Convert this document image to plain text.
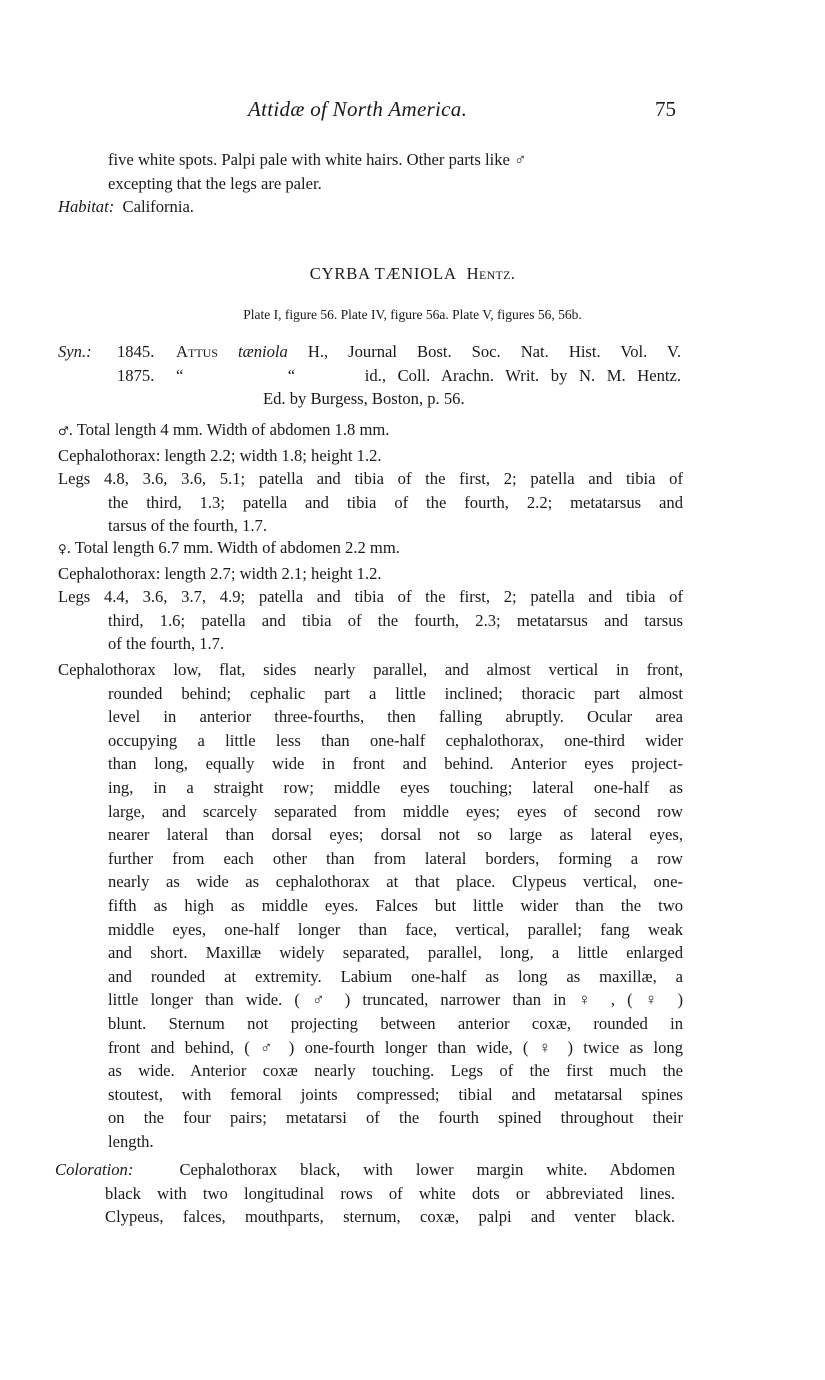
Attidæ of North America.	75
five white spots. Palpi pale with white hairs. Other parts like ♂
excepting that the legs are paler.
Habitat: California.
CYRBA TÆNIOLA Hentz.
Plate I, figure 56. Plate IV, figure 56a. Plate V, figures 56, 56b.
Syn.: 1845. Attus tæniola H., Journal Bost. Soc. Nat. Hist. Vol. V.
1875. “	“	id., Coll. Arachn. Writ. by N. M. Hentz.
Ed. by Burgess, Boston, p. 56.
♂. Total length 4 mm. Width of abdomen 1.8 mm.
Cephalothorax: length 2.2; width 1.8; height 1.2.
Legs 4.8, 3.6, 3.6, 5.1; patella and tibia of the first, 2; patella and tibia of
the third, 1.3; patella and tibia of the fourth, 2.2; metatarsus and
tarsus of the fourth, 1.7.
♀. Total length 6.7 mm. Width of abdomen 2.2 mm.
Cephalothorax: length 2.7; width 2.1; height 1.2.
Legs 4.4, 3.6, 3.7, 4.9; patella and tibia of the first, 2; patella and tibia of
third, 1.6; patella and tibia of the fourth, 2.3; metatarsus and tarsus
of the fourth, 1.7.
Cephalothorax low, flat, sides nearly parallel, and almost vertical in front,
rounded behind; cephalic part a little inclined; thoracic part almost
level in anterior three-fourths, then falling abruptly. Ocular area
occupying a little less than one-half cephalothorax, one-third wider
than long, equally wide in front and behind. Anterior eyes project-
ing, in a straight row; middle eyes touching; lateral one-half as
large, and scarcely separated from middle eyes; eyes of second row
nearer lateral than dorsal eyes; dorsal not so large as lateral eyes,
further from each other than from lateral borders, forming a row
nearly as wide as cephalothorax at that place. Clypeus vertical, one-
fifth as high as middle eyes. Falces but little wider than the two
middle eyes, one-half longer than face, vertical, parallel; fang weak
and short. Maxillæ widely separated, parallel, long, a little enlarged
and rounded at extremity. Labium one-half as long as maxillæ, a
little longer than wide. ( ♂ ) truncated, narrower than in ♀ , ( ♀ )
blunt. Sternum not projecting between anterior coxæ, rounded in
front and behind, ( ♂ ) one-fourth longer than wide, ( ♀ ) twice as long
as wide. Anterior coxæ nearly touching. Legs of the first much the
stoutest, with femoral joints compressed; tibial and metatarsal spines
on the four pairs; metatarsi of the fourth spined throughout their
length.
Coloration:	Cephalothorax black, with lower margin white. Abdomen
black with two longitudinal rows of white dots or abbreviated lines.
Clypeus, falces, mouthparts, sternum, coxæ, palpi and venter black.
